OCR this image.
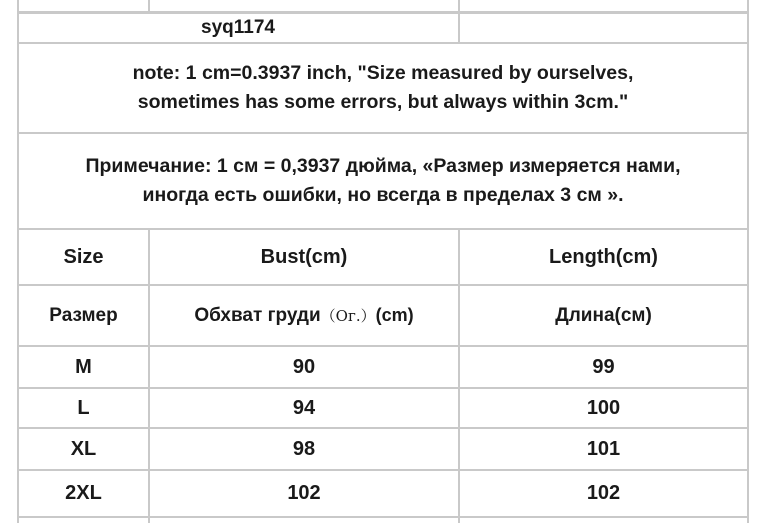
syq1174
note: 1 cm=0.3937 inch, "Size measured by ourselves,
sometimes has some errors, but always within 3cm."
Примечание: 1 см = 0,3937 дюйма, «Размер измеряется нами,
иногда есть ошибки, но всегда в пределах 3 см ».
Size	Bust(cm)	Length(cm)
Размер	Обхват груди （Ог.） (cm)	Длина(см)
M	90	99
L	94	100
XL	98	101
2XL	102	102
